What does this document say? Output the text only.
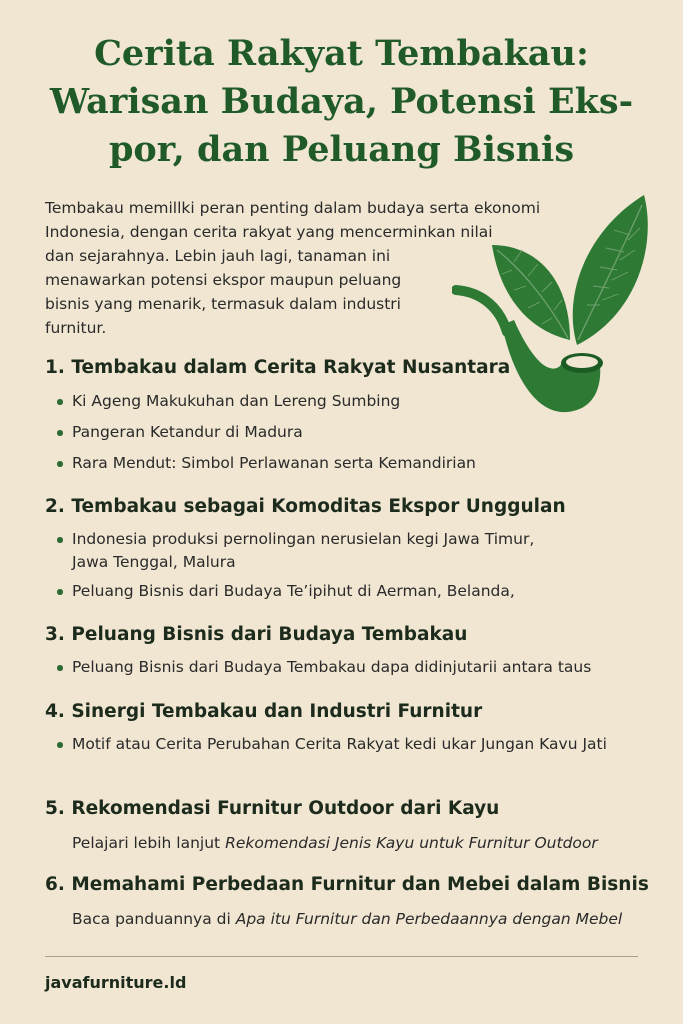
Cerita Rakyat Tembakau:
Warisan Budaya, Potensi Eks-
por, dan Peluang Bisnis

Tembakau memillki peran penting dalam budaya serta ekonomi
Indonesia, dengan cerita rakyat yang mencerminkan nilai
dan sejarahnya. Lebin jauh lagi, tanaman ini
menawarkan potensi ekspor maupun peluang
bisnis yang menarik, termasuk dalam industri
furnitur.

1. Tembakau dalam Cerita Rakyat Nusantara
Ki Ageng Makukuhan dan Lereng Sumbing
Pangeran Ketandur di Madura
Rara Mendut: Simbol Perlawanan serta Kemandirian
2. Tembakau sebagai Komoditas Ekspor Unggulan
Indonesia produksi pernolingan nerusielan kegi Jawa Timur, Jawa Tenggal, Malura
Peluang Bisnis dari Budaya Te’ipihut di Aerman, Belanda,
3. Peluang Bisnis dari Budaya Tembakau
Peluang Bisnis dari Budaya Tembakau dapa didinjutarii antara taus
4. Sinergi Tembakau dan Industri Furnitur
Motif atau Cerita Perubahan Cerita Rakyat kedi ukar Jungan Kavu Jati
5. Rekomendasi Furnitur Outdoor dari Kayu
Pelajari lebih lanjut Rekomendasi Jenis Kayu untuk Furnitur Outdoor
6. Memahami Perbedaan Furnitur dan Mebei dalam Bisnis
Baca panduannya di Apa itu Furnitur dan Perbedaannya dengan Mebel
javafurniture.ld
